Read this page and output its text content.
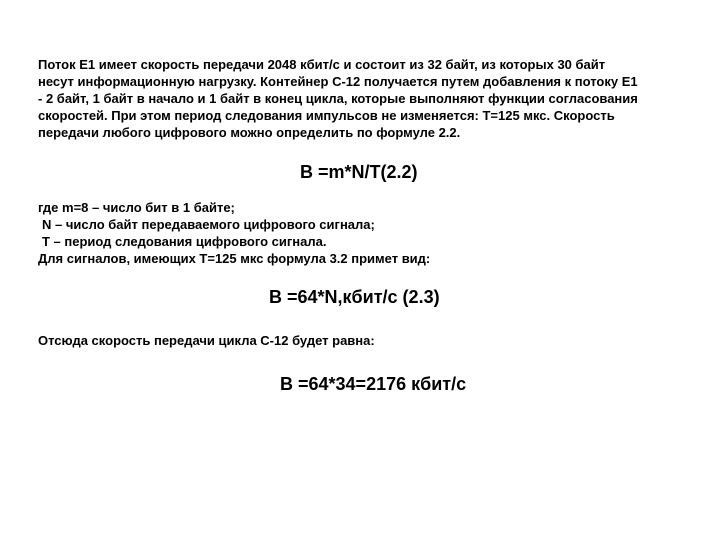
Поток Е1 имеет скорость передачи 2048 кбит/с и состоит из 32 байт, из которых 30 байт
несут информационную нагрузку. Контейнер С-12 получается путем добавления к потоку Е1
- 2 байт, 1 байт в начало и 1 байт в конец цикла, которые выполняют функции согласования
скоростей. При этом период следования импульсов не изменяется: Т=125 мкс. Скорость
передачи любого цифрового можно определить по формуле 2.2.
В =m*N/T(2.2)
где m=8 – число бит в 1 байте;
N – число байт передаваемого цифрового сигнала;
T – период следования цифрового сигнала.
Для сигналов, имеющих Т=125 мкс формула 3.2 примет вид:
В =64*N,кбит/с (2.3)
Отсюда скорость передачи цикла С-12 будет равна:
В =64*34=2176 кбит/с
